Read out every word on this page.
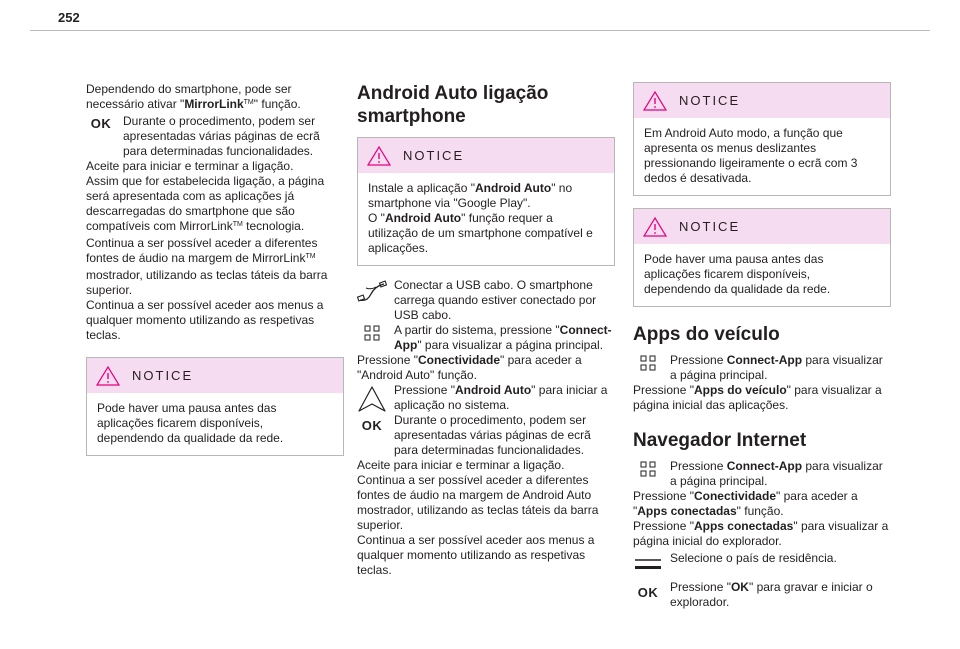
252

Dependendo do smartphone, pode ser necessário ativar "MirrorLink™" função.

OK Durante o procedimento, podem ser apresentadas várias páginas de ecrã para determinadas funcionalidades.

Aceite para iniciar e terminar a ligação.

Assim que for estabelecida ligação, a página será apresentada com as aplicações já descarregadas do smartphone que são compatíveis com MirrorLink™ tecnologia.

Continua a ser possível aceder a diferentes fontes de áudio na margem de MirrorLink™ mostrador, utilizando as teclas táteis da barra superior.

Continua a ser possível aceder aos menus a qualquer momento utilizando as respetivas teclas.

NOTICE
Pode haver uma pausa antes das aplicações ficarem disponíveis, dependendo da qualidade da rede.
Android Auto ligação smartphone
NOTICE

Instale a aplicação "Android Auto" no smartphone via "Google Play".

O "Android Auto" função requer a utilização de um smartphone compatível e aplicações.

Conectar a USB cabo. O smartphone carrega quando estiver conectado por USB cabo.

A partir do sistema, pressione "Connect-App" para visualizar a página principal.

Pressione "Conectividade" para aceder a "Android Auto" função.

Pressione "Android Auto" para iniciar a aplicação no sistema.

OK Durante o procedimento, podem ser apresentadas várias páginas de ecrã para determinadas funcionalidades.

Aceite para iniciar e terminar a ligação.

Continua a ser possível aceder a diferentes fontes de áudio na margem de Android Auto mostrador, utilizando as teclas táteis da barra superior.

Continua a ser possível aceder aos menus a qualquer momento utilizando as respetivas teclas.

NOTICE
Em Android Auto modo, a função que apresenta os menus deslizantes pressionando ligeiramente o ecrã com 3 dedos é desativada.
NOTICE
Pode haver uma pausa antes das aplicações ficarem disponíveis, dependendo da qualidade da rede.
Apps do veículo

Pressione Connect-App para visualizar a página principal.

Pressione "Apps do veículo" para visualizar a página inicial das aplicações.

Navegador Internet

Pressione Connect-App para visualizar a página principal.

Pressione "Conectividade" para aceder a "Apps conectadas" função.

Pressione "Apps conectadas" para visualizar a página inicial do explorador.

Selecione o país de residência.

OK Pressione "OK" para gravar e iniciar o explorador.
